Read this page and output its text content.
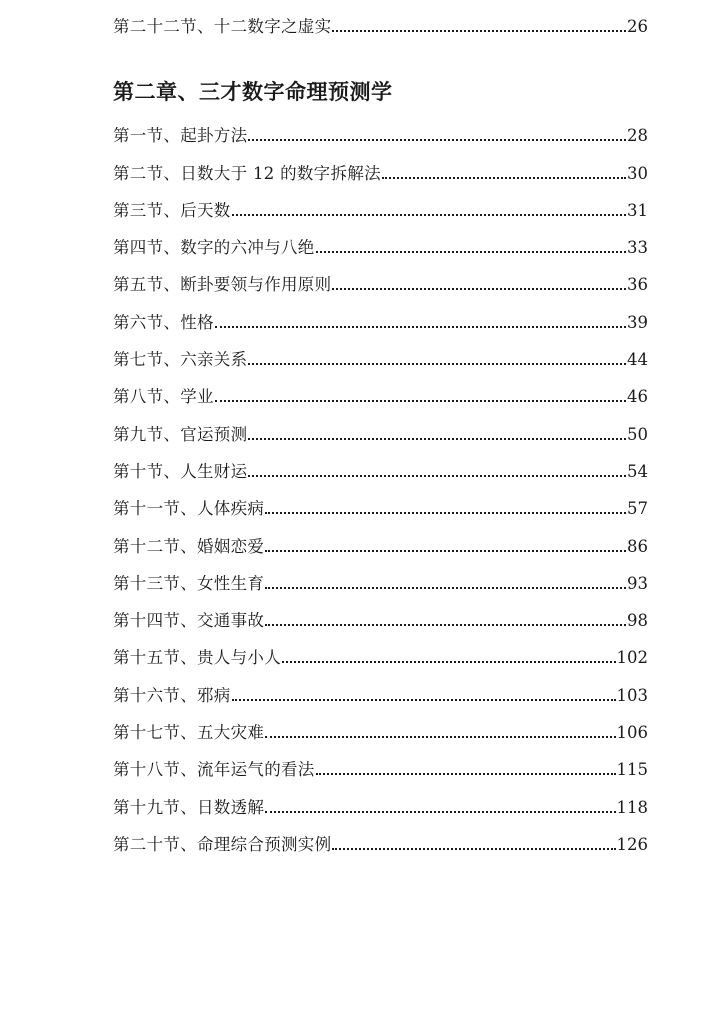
第二十二节、十二数字之虚实	26
第二章、三才数字命理预测学
第一节、起卦方法	28
第二节、日数大于 12 的数字拆解法	30
第三节、后天数	31
第四节、数字的六冲与八绝	33
第五节、断卦要领与作用原则	36
第六节、性格	39
第七节、六亲关系	44
第八节、学业	46
第九节、官运预测	50
第十节、人生财运	54
第十一节、人体疾病	57
第十二节、婚姻恋爱	86
第十三节、女性生育	93
第十四节、交通事故	98
第十五节、贵人与小人	102
第十六节、邪病	103
第十七节、五大灾难	106
第十八节、流年运气的看法	115
第十九节、日数透解	118
第二十节、命理综合预测实例	126
